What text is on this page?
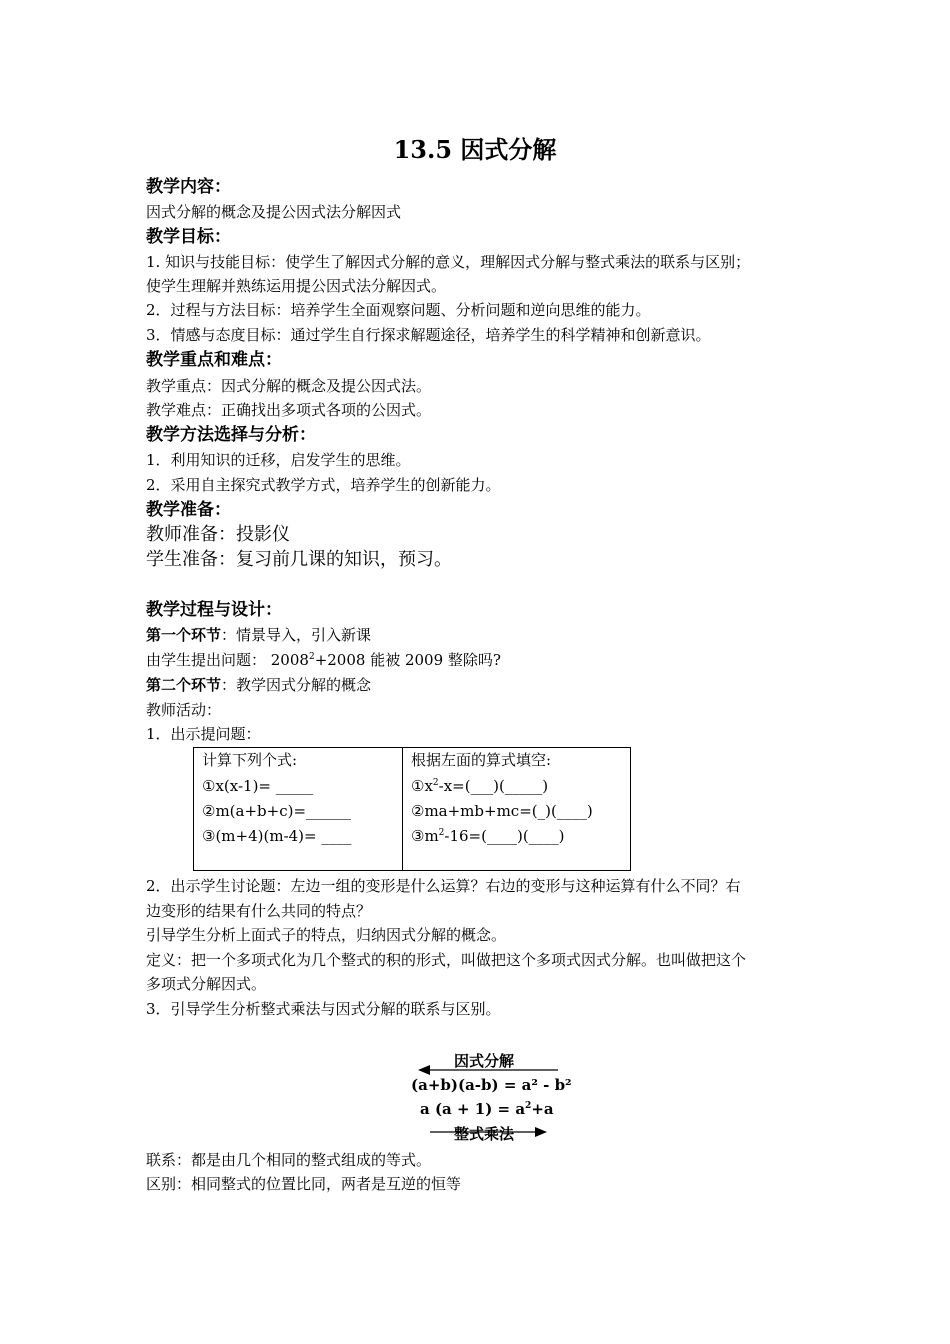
13.5 因式分解
教学内容：
因式分解的概念及提公因式法分解因式
教学目标：
1. 知识与技能目标：使学生了解因式分解的意义，理解因式分解与整式乘法的联系与区别；
使学生理解并熟练运用提公因式法分解因式。
2．过程与方法目标：培养学生全面观察问题、分析问题和逆向思维的能力。
3．情感与态度目标：通过学生自行探求解题途径，培养学生的科学精神和创新意识。
教学重点和难点：
教学重点：因式分解的概念及提公因式法。
教学难点：正确找出多项式各项的公因式。
教学方法选择与分析：
1．利用知识的迁移，启发学生的思维。
2．采用自主探究式教学方式，培养学生的创新能力。
教学准备：
教师准备：投影仪
学生准备：复习前几课的知识，预习。
教学过程与设计：
第一个环节：情景导入，引入新课
由学生提出问题： $2008^2+2008$ 能被 2009 整除吗?
第二个环节：教学因式分解的概念
教师活动：
1．出示提问题：
计算下列个式:
①x(x-1)= _____
②m(a+b+c)=______
③(m+4)(m-4)= ____
根据左面的算式填空:
$①x^2-x=(\_\_\_)(\_\_\_\_\_)$
②ma+mb+mc=(_)(____)
$③m^2-16=(\_\_\_\_)(\_\_\_\_)$
2．出示学生讨论题：左边一组的变形是什么运算？右边的变形与这种运算有什么不同？右
边变形的结果有什么共同的特点？
引导学生分析上面式子的特点，归纳因式分解的概念。
定义：把一个多项式化为几个整式的积的形式，叫做把这个多项式因式分解。也叫做把这个
多项式分解因式。
3．引导学生分析整式乘法与因式分解的联系与区别。
因式分解
(a+b)(a-b) = a² - b²
a $(a + 1) = a^2+a$
整式乘法
联系：都是由几个相同的整式组成的等式。
区别：相同整式的位置比同，两者是互逆的恒等
